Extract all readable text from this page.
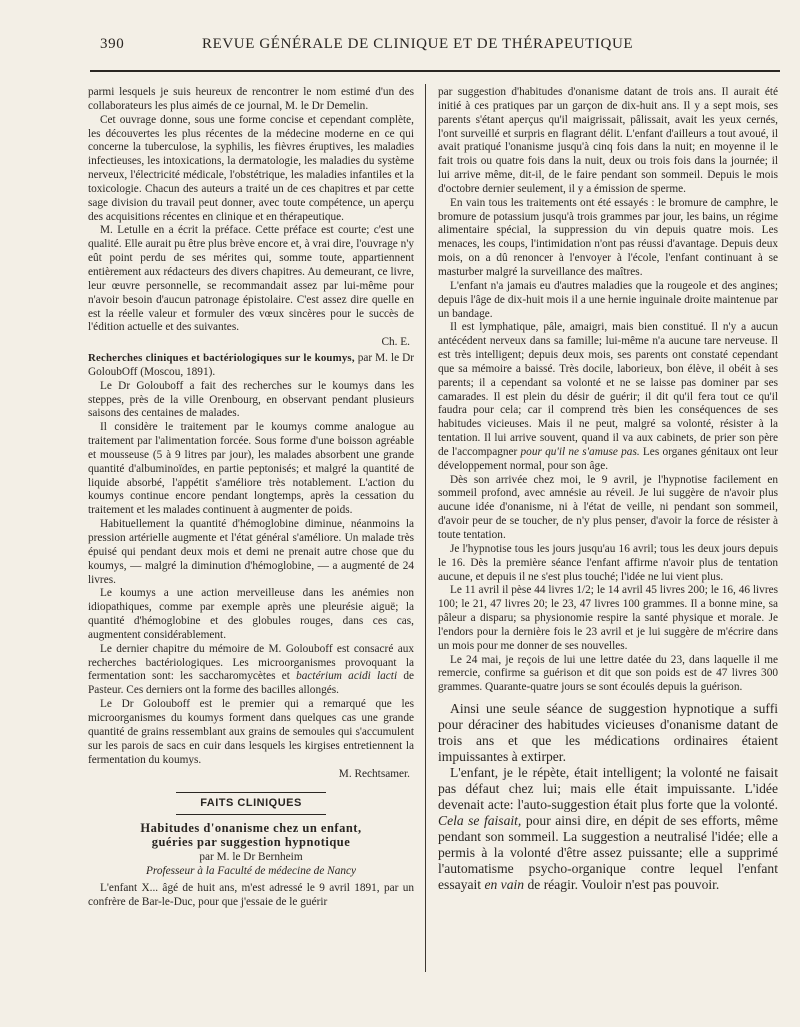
390	REVUE GÉNÉRALE DE CLINIQUE ET DE THÉRAPEUTIQUE

parmi lesquels je suis heureux de rencontrer le nom estimé d'un des collaborateurs les plus aimés de ce journal, M. le Dr Demelin.

Cet ouvrage donne, sous une forme concise et cependant complète, les découvertes les plus récentes de la médecine moderne en ce qui concerne la tuberculose, la syphilis, les fièvres éruptives, les maladies infectieuses, les intoxications, la dermatologie, les maladies du système nerveux, l'électricité médicale, l'obstétrique, les maladies infantiles et la toxicologie. Chacun des auteurs a traité un de ces chapitres et par cette sage division du travail peut donner, avec toute compétence, un aperçu des acquisitions récentes en clinique et en thérapeutique.

M. Letulle en a écrit la préface. Cette préface est courte; c'est une qualité. Elle aurait pu être plus brève encore et, à vrai dire, l'ouvrage n'y eût point perdu de ses mérites qui, somme toute, appartiennent entièrement aux rédacteurs des divers chapitres. Au demeurant, ce livre, leur œuvre personnelle, se recommandait assez par lui-même pour n'avoir besoin d'aucun patronage épistolaire. C'est assez dire quelle en est la réelle valeur et formuler des vœux sincères pour le succès de l'édition actuelle et des suivantes.

Ch. E.

Recherches cliniques et bactériologiques sur le koumys, par M. le Dr GoloubOff (Moscou, 1891).

Le Dr Goloubоff a fait des recherches sur le koumys dans les steppes, près de la ville Orenbourg, en observant pendant plusieurs saisons des centaines de malades.

Il considère le traitement par le koumys comme analogue au traitement par l'alimentation forcée. Sous forme d'une boisson agréable et mousseuse (5 à 9 litres par jour), les malades absorbent une grande quantité d'albuminoïdes, en partie peptonisés; et malgré la quantité de liquide absorbé, l'appétit s'améliore très notablement. L'action du koumys continue encore pendant longtemps, après la cessation du traitement et les malades continuent à augmenter de poids.

Habituellement la quantité d'hémoglobine diminue, néanmoins la pression artérielle augmente et l'état général s'améliore. Un malade très épuisé qui pendant deux mois et demi ne prenait autre chose que du koumys, — malgré la diminution d'hémoglobine, — a augmenté de 24 livres.

Le koumys a une action merveilleuse dans les anémies non idiopathiques, comme par exemple après une pleurésie aiguë; la quantité d'hémoglobine et des globules rouges, dans ces cas, augmentent considérablement.

Le dernier chapitre du mémoire de M. Goloubоff est consacré aux recherches bactériologiques. Les microorganismes provoquant la fermentation sont: les saccharomycètes et bactérium acidi lacti de Pasteur. Ces derniers ont la forme des bacilles allongés.

Le Dr Goloubоff est le premier qui a remarqué que les microorganismes du koumys forment dans quelques cas une grande quantité de grains ressemblant aux grains de semoules qui s'accumulent sur les parois de sacs en cuir dans lesquels les kirgises entretiennent la fermentation du koumys.

M. Rechtsamer.
FAITS CLINIQUES
Habitudes d'onanisme chez un enfant,
guéries par suggestion hypnotique
par M. le Dr Bernheim
Professeur à la Faculté de médecine de Nancy

L'enfant X... âgé de huit ans, m'est adressé le 9 avril 1891, par un confrère de Bar-le-Duc, pour que j'essaie de le guérir

par suggestion d'habitudes d'onanisme datant de trois ans. Il aurait été initié à ces pratiques par un garçon de dix-huit ans. Il y a sept mois, ses parents s'étant aperçus qu'il maigrissait, pâlissait, avait les yeux cernés, l'ont surveillé et surpris en flagrant délit. L'enfant d'ailleurs a tout avoué, il avait pratiqué l'onanisme jusqu'à cinq fois dans la nuit; en moyenne il le fait trois ou quatre fois dans la nuit, deux ou trois fois dans la journée; il lui arrive même, dit-il, de le faire pendant son sommeil. Depuis le mois d'octobre dernier seulement, il y a émission de sperme.

En vain tous les traitements ont été essayés : le bromure de camphre, le bromure de potassium jusqu'à trois grammes par jour, les bains, un régime alimentaire spécial, la suppression du vin depuis quatre mois. Les menaces, les coups, l'intimidation n'ont pas réussi d'avantage. Depuis deux mois, on a dû renoncer à l'envoyer à l'école, l'enfant continuant à se masturber malgré la surveillance des maîtres.

L'enfant n'a jamais eu d'autres maladies que la rougeole et des angines; depuis l'âge de dix-huit mois il a une hernie inguinale droite maintenue par un bandage.

Il est lymphatique, pâle, amaigri, mais bien constitué. Il n'y a aucun antécédent nerveux dans sa famille; lui-même n'a aucune tare nerveuse. Il est très intelligent; depuis deux mois, ses parents ont constaté cependant que sa mémoire a baissé. Très docile, laborieux, bon élève, il obéit à ses parents; il a cependant sa volonté et ne se laisse pas dominer par ses camarades. Il est plein du désir de guérir; il dit qu'il fera tout ce qu'il faudra pour cela; car il comprend très bien les conséquences de ses habitudes vicieuses. Mais il ne peut, malgré sa volonté, résister à la tentation. Il lui arrive souvent, quand il va aux cabinets, de prier son père de l'accompagner pour qu'il ne s'amuse pas. Les organes génitaux ont leur développement normal, pour son âge.

Dès son arrivée chez moi, le 9 avril, je l'hypnotise facilement en sommeil profond, avec amnésie au réveil. Je lui suggère de n'avoir plus aucune idée d'onanisme, ni à l'état de veille, ni pendant son sommeil, d'avoir peur de se toucher, de n'y plus penser, d'avoir la force de résister à toute tentation.

Je l'hypnotise tous les jours jusqu'au 16 avril; tous les deux jours depuis le 16. Dès la première séance l'enfant affirme n'avoir plus de tentation aucune, et depuis il ne s'est plus touché; l'idée ne lui vient plus.

Le 11 avril il pèse 44 livres 1/2; le 14 avril 45 livres 200; le 16, 46 livres 100; le 21, 47 livres 20; le 23, 47 livres 100 grammes. Il a bonne mine, sa pâleur a disparu; sa physionomie respire la santé physique et morale. Je l'endors pour la dernière fois le 23 avril et je lui suggère de m'écrire dans un mois pour me donner de ses nouvelles.

Le 24 mai, je reçois de lui une lettre datée du 23, dans laquelle il me remercie, confirme sa guérison et dit que son poids est de 47 livres 300 grammes. Quarante-quatre jours se sont écoulés depuis la guérison.

Ainsi une seule séance de suggestion hypnotique a suffi pour déraciner des habitudes vicieuses d'onanisme datant de trois ans et que les médications ordinaires étaient impuissantes à extirper.

L'enfant, je le répète, était intelligent; la volonté ne faisait pas défaut chez lui; mais elle était impuissante. L'idée devenait acte: l'auto-suggestion était plus forte que la volonté. Cela se faisait, pour ainsi dire, en dépit de ses efforts, même pendant son sommeil. La suggestion a neutralisé l'idée; elle a permis à la volonté d'être assez puissante; elle a supprimé l'automatisme psycho-organique contre lequel l'enfant essayait en vain de réagir. Vouloir n'est pas pouvoir.
